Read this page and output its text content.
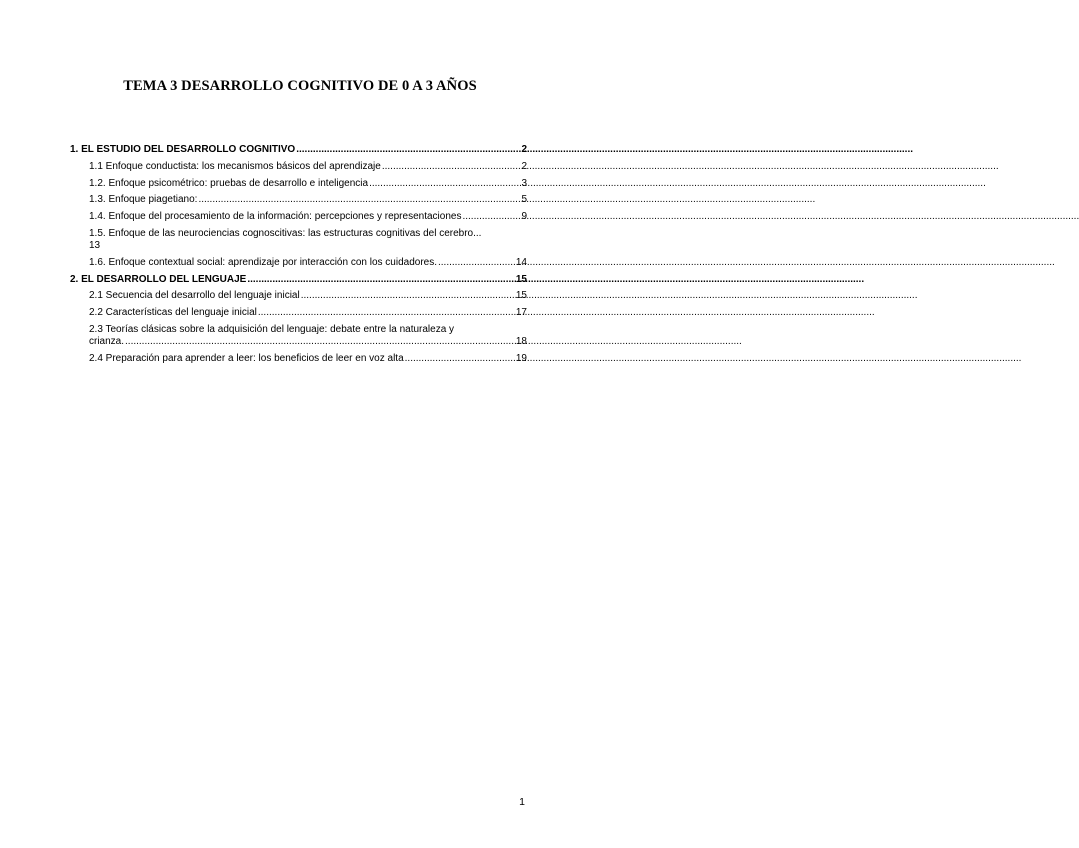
TEMA 3 DESARROLLO COGNITIVO DE 0 A 3 AÑOS
1. EL ESTUDIO DEL DESARROLLO COGNITIVO .....	2
1.1 Enfoque conductista: los mecanismos básicos del aprendizaje .....	2
1.2. Enfoque psicométrico: pruebas de desarrollo e inteligencia .....	3
1.3. Enfoque piagetiano: .....	5
1.4. Enfoque del procesamiento de la información: percepciones y representaciones .....	9
1.5. Enfoque de las neurociencias cognoscitivas: las estructuras cognitivas del cerebro...
13
1.6. Enfoque contextual social: aprendizaje por interacción con los cuidadores. .....	14
2. EL DESARROLLO DEL LENGUAJE .....	15
2.1 Secuencia del desarrollo del lenguaje inicial .....	15
2.2 Características del lenguaje inicial .....	17
2.3 Teorías clásicas sobre la adquisición del lenguaje: debate entre la naturaleza y
crianza. .....	18
2.4 Preparación para aprender a leer: los beneficios de leer en voz alta .....	19
1
